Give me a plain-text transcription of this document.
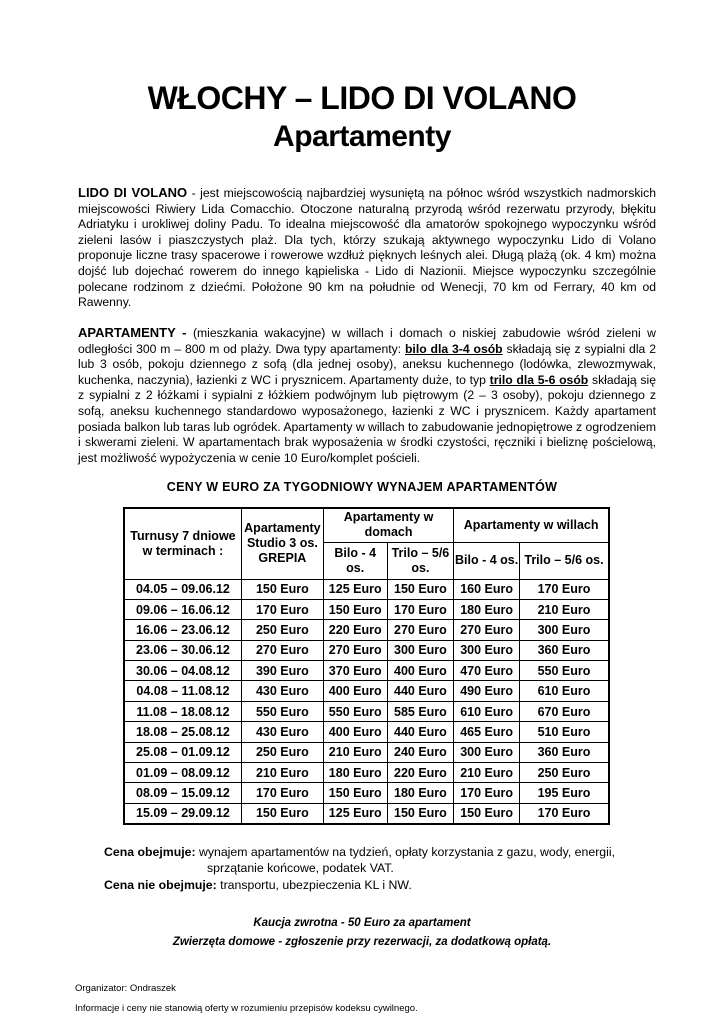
WŁOCHY – LIDO DI VOLANO
Apartamenty

LIDO DI VOLANO - jest miejscowością najbardziej wysuniętą na północ wśród wszystkich nadmorskich miejscowości Riwiery Lida Comacchio. Otoczone naturalną przyrodą wśród rezerwatu przyrody, błękitu Adriatyku i urokliwej doliny Padu. To idealna miejscowość dla amatorów spokojnego wypoczynku wśród zieleni lasów i piaszczystych plaż. Dla tych, którzy szukają aktywnego wypoczynku Lido di Volano proponuje liczne trasy spacerowe i rowerowe wzdłuż pięknych leśnych alei. Długą plażą (ok. 4 km) można dojść lub dojechać rowerem do innego kąpieliska - Lido di Nazionii. Miejsce wypoczynku szczególnie polecane rodzinom z dziećmi. Położone 90 km na południe od Wenecji, 70 km od Ferrary, 40 km od Rawenny.

APARTAMENTY - (mieszkania wakacyjne) w willach i domach o niskiej zabudowie wśród zieleni w odległości 300 m – 800 m od plaży. Dwa typy apartamenty: bilo dla 3-4 osób składają się z sypialni dla 2 lub 3 osób, pokoju dziennego z sofą (dla jednej osoby), aneksu kuchennego (lodówka, zlewozmywak, kuchenka, naczynia), łazienki z WC i prysznicem. Apartamenty duże, to typ trilo dla 5-6 osób składają się z sypialni z 2 łóżkami i sypialni z łóżkiem podwójnym lub piętrowym (2 – 3 osoby), pokoju dziennego z sofą, aneksu kuchennego standardowo wyposażonego, łazienki z WC i prysznicem. Każdy apartament posiada balkon lub taras lub ogródek. Apartamenty w willach to zabudowanie jednopiętrowe z ogrodzeniem i skwerami zieleni. W apartamentach brak wyposażenia w środki czystości, ręczniki i bieliznę pościelową, jest możliwość wypożyczenia w cenie 10 Euro/komplet pościeli.

CENY W EURO ZA TYGODNIOWY WYNAJEM APARTAMENTÓW
Turnusy 7 dniowe w terminach :	Apartamenty Studio 3 os. GREPIA	Apartamenty w domach		Apartamenty w willach	
		Bilo - 4 os.	Trilo – 5/6 os.	Bilo - 4 os.	Trilo – 5/6 os.
04.05 – 09.06.12	150 Euro	125 Euro	150 Euro	160 Euro	170 Euro
09.06 – 16.06.12	170 Euro	150 Euro	170 Euro	180 Euro	210 Euro
16.06 – 23.06.12	250 Euro	220 Euro	270 Euro	270 Euro	300 Euro
23.06 – 30.06.12	270 Euro	270 Euro	300 Euro	300 Euro	360 Euro
30.06 – 04.08.12	390 Euro	370 Euro	400 Euro	470 Euro	550 Euro
04.08 – 11.08.12	430 Euro	400 Euro	440 Euro	490 Euro	610 Euro
11.08 – 18.08.12	550 Euro	550 Euro	585 Euro	610 Euro	670 Euro
18.08 – 25.08.12	430 Euro	400 Euro	440 Euro	465 Euro	510 Euro
25.08 – 01.09.12	250 Euro	210 Euro	240 Euro	300 Euro	360 Euro
01.09 – 08.09.12	210 Euro	180 Euro	220 Euro	210 Euro	250 Euro
08.09 – 15.09.12	170 Euro	150 Euro	180 Euro	170 Euro	195 Euro
15.09 – 29.09.12	150 Euro	125 Euro	150 Euro	150 Euro	170 Euro
Cena obejmuje: wynajem apartamentów na tydzień, opłaty korzystania z gazu, wody, energii,
sprzątanie końcowe, podatek VAT.
Cena nie obejmuje: transportu, ubezpieczenia KL i NW.
Kaucja zwrotna - 50 Euro za apartament
Zwierzęta domowe - zgłoszenie przy rezerwacji, za dodatkową opłatą.
Organizator: Ondraszek
Informacje i ceny nie stanowią oferty w rozumieniu przepisów kodeksu cywilnego.
